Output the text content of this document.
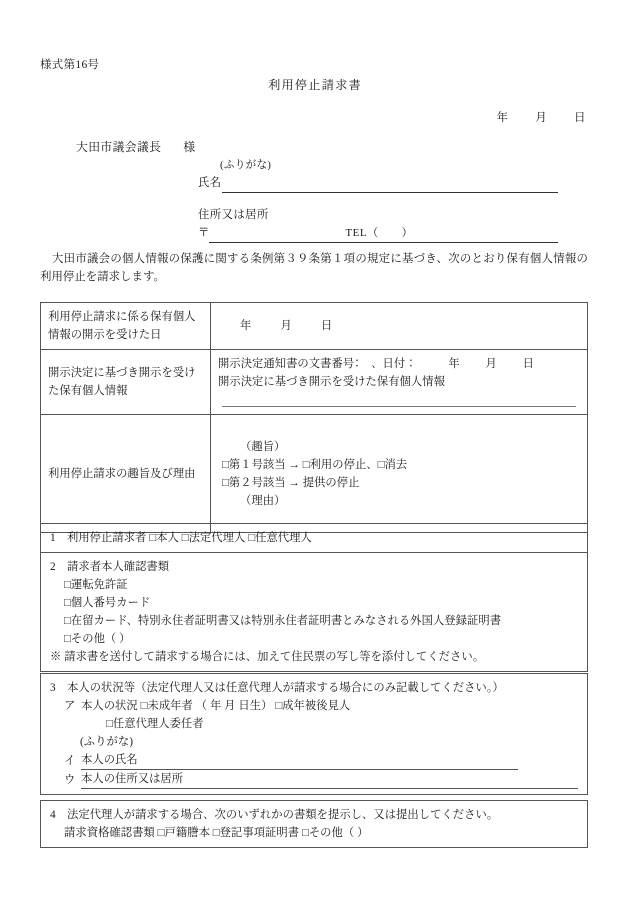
様式第16号
利用停止請求書
年 月 日
大田市議会議長 様
(ふりがな)
氏名
住所又は居所
〒	TEL（　　）
大田市議会の個人情報の保護に関する条例第３９条第１項の規定に基づき、次のとおり保有個人情報の利用停止を請求します。
利用停止請求に係る保有個人情報の開示を受けた日	年 月 日
開示決定に基づき開示を受けた保有個人情報	開示決定通知書の文書番号：　、日付： 年 月 日
開示決定に基づき開示を受けた保有個人情報

利用停止請求の趣旨及び理由	（趣旨）
□第１号該当 → □利用の停止、□消去
□第２号該当 → 提供の停止
（理由）
1 利用停止請求者 □本人 □法定代理人 □任意代理人

2 請求者本人確認書類
□運転免許証
□個人番号カード
□在留カード、特別永住者証明書又は特別永住者証明書とみなされる外国人登録証明書
□その他（ ）
※ 請求書を送付して請求する場合には、加えて住民票の写し等を添付してください。
3 本人の状況等（法定代理人又は任意代理人が請求する場合にのみ記載してください。）
ア 本人の状況 □未成年者 （ 年 月 日生） □成年被後見人
□任意代理人委任者
(ふりがな)
イ 本人の氏名
ウ 本人の住所又は居所
4 法定代理人が請求する場合、次のいずれかの書類を提示し、又は提出してください。
請求資格確認書類 □戸籍謄本 □登記事項証明書 □その他（ ）
